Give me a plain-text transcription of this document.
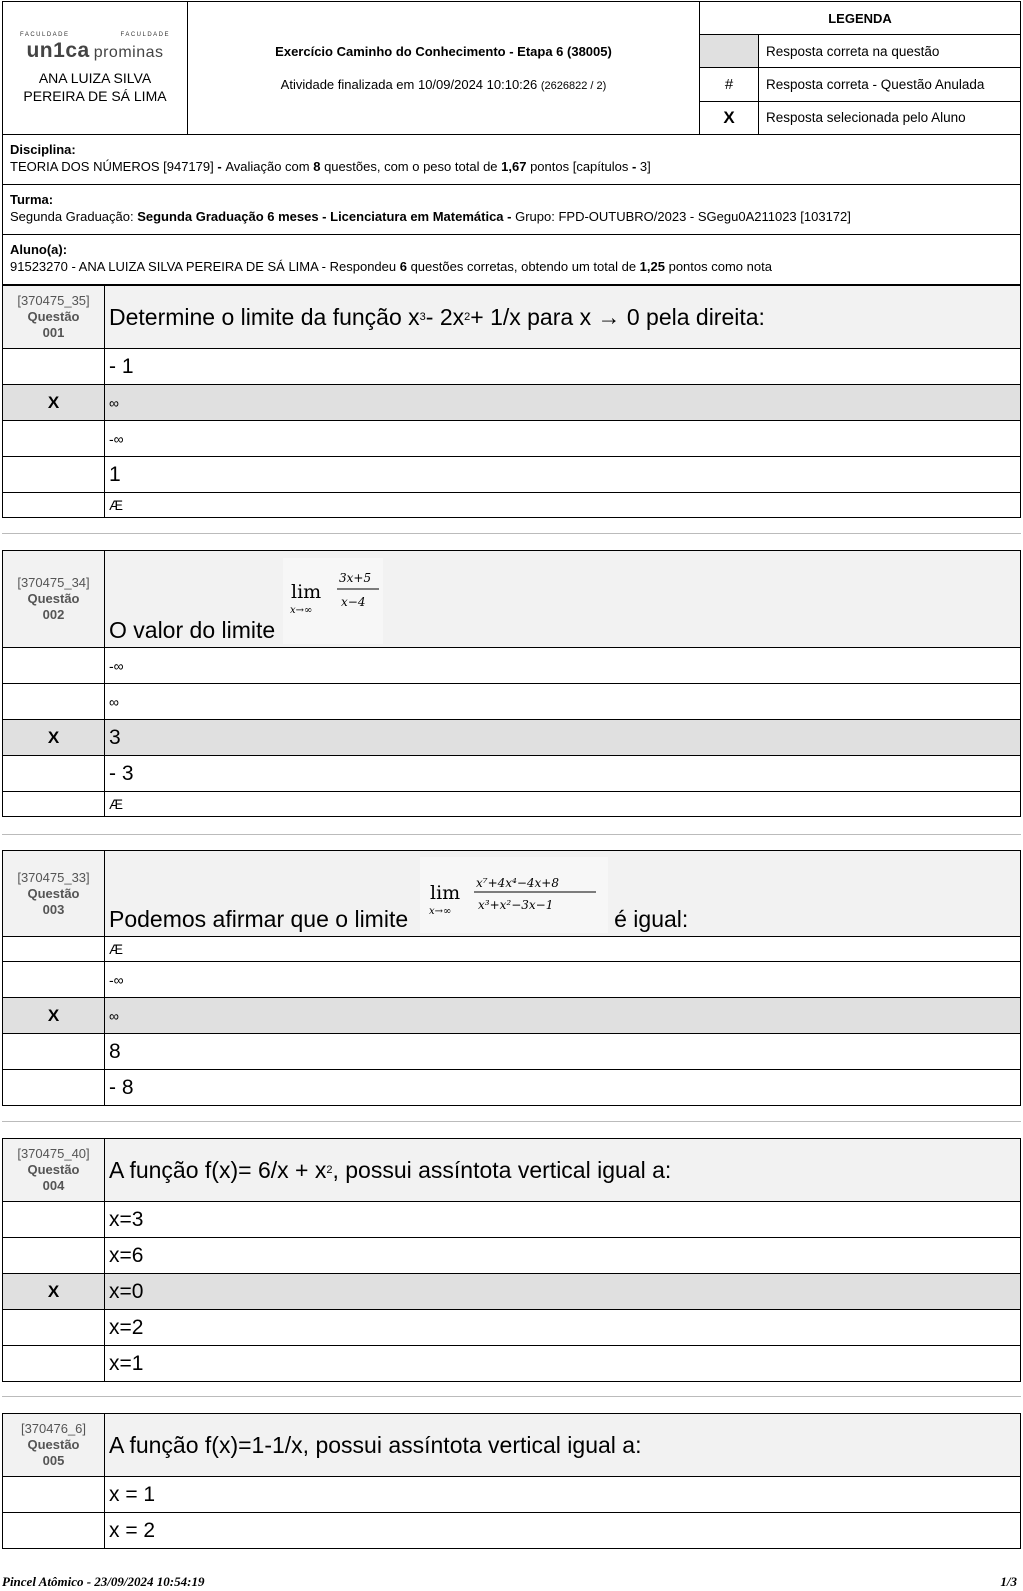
FACULDADE	FACULDADE
un1ca prominas
ANA LUIZA SILVA PEREIRA DE SÁ LIMA
Exercício Caminho do Conhecimento - Etapa 6 (38005)
Atividade finalizada em 10/09/2024 10:10:26 (2626822 / 2)
LEGENDA
Resposta correta na questão
#	Resposta correta - Questão Anulada
X	Resposta selecionada pelo Aluno
Disciplina:
TEORIA DOS NÚMEROS [947179] - Avaliação com 8 questões, com o peso total de 1,67 pontos [capítulos - 3]
Turma:
Segunda Graduação: Segunda Graduação 6 meses - Licenciatura em Matemática - Grupo: FPD-OUTUBRO/2023 - SGegu0A211023 [103172]
Aluno(a):
91523270 - ANA LUIZA SILVA PEREIRA DE SÁ LIMA - Respondeu 6 questões corretas, obtendo um total de 1,25 pontos como nota
[370475_35]
Questão
001
Determine o limite da função x 3 - 2x 2 + 1/x para x → 0 pela direita:
- 1
X	∞
-∞
1
Æ
[370475_34]
Questão
002
O valor do limite
lim
x→∞
3x+5
x−4
-∞
∞
X 3
- 3
Æ
[370475_33]
Questão
003 Podemos afirmar que o limite
lim
x→∞
x⁷+4x⁴−4x+8
x³+x²−3x−1
é igual:
Æ
-∞
X	∞
8
- 8
[370475_40]
Questão
004
A função f(x)= 6/x + x 2 , possui assíntota vertical igual a:
x=3
x=6
X x=0
x=2
x=1
[370476_6]
Questão
005
A função f(x)=1-1/x, possui assíntota vertical igual a:
x = 1
x = 2
Pincel Atômico - 23/09/2024 10:54:19	1/3
